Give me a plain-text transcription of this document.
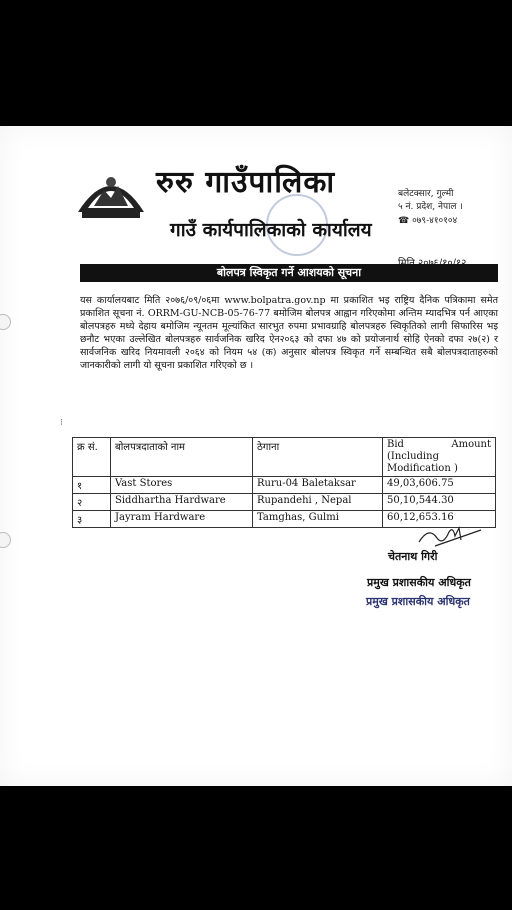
रुरु गाउँपालिका
गाउँ कार्यपालिकाको कार्यालय
बलेटक्सार, गुल्मी
५ नं. प्रदेश, नेपाल ।
☎ ०७९-४१०१०४
बोलपत्र स्विकृत गर्ने आशयको सूचना
यस कार्यालयबाट मिति २०७६/०९/०६मा www.bolpatra.gov.np मा प्रकाशित भइ राष्ट्रिय दैनिक पत्रिकामा समेत प्रकाशित सूचना नं. ORRM-GU-NCB-05-76-77 बमोजिम बोलपत्र आह्वान गरिएकोमा अन्तिम म्यादभित्र पर्न आएका बोलपत्रहरु मध्ये देहाय बमोजिम न्यूनतम मूल्यांकित सारभुत रुपमा प्रभावग्राहि बोलपत्रहरु स्विकृतिको लागी सिफारिस भइ छनौट भएका उल्लेखित बोलपत्रहरु सार्वजनिक खरिद ऐन२०६३ को दफा ४७ को प्रयोजनार्थ सोहि ऐनको दफा २७(२) र सार्वजनिक खरिद नियमावली २०६४ को नियम ५४ (क) अनुसार बोलपत्र स्विकृत गर्ने सम्बन्धित सबै बोलपत्रदाताहरुको जानकारीको लागी यो सूचना प्रकाशित गरिएको छ ।
⁝
क्र सं.	बोलपत्रदाताको नाम	ठेगाना	Bid Amount
(Including
Modification )

१	Vast Stores	Ruru-04 Baletaksar	49,03,606.75
२	Siddhartha Hardware	Rupandehi , Nepal	50,10,544.30
३	Jayram Hardware	Tamghas, Gulmi	60,12,653.16
चेतनाथ गिरी
प्रमुख प्रशासकीय अधिकृत
प्रमुख प्रशासकीय अधिकृत
